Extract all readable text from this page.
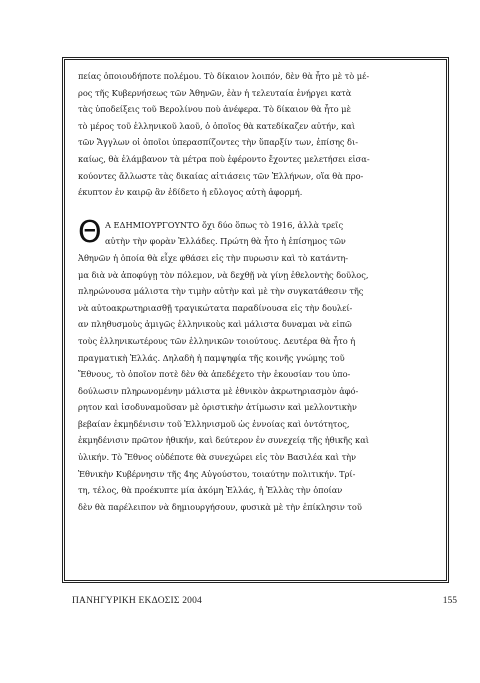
πείας ὁποιουδήποτε πολέμου. Τὸ δίκαιον λοιπόν, δὲν θὰ ἦτο μὲ τὸ μέ-
ρος τῆς Κυβερνήσεως τῶν Ἀθηνῶν, ἐὰν ἡ τελευταία ἐνήργει κατὰ
τὰς ὑποδείξεις τοῦ Βερολίνου ποὺ ἀνέφερα. Τὸ δίκαιον θὰ ἦτο μὲ
τὸ μέρος τοῦ ἑλληνικοῦ λαοῦ, ὁ ὁποῖος θὰ κατεδίκαζεν αὐτήν, καὶ
τῶν Ἄγγλων οἱ ὁποῖοι ὑπερασπίζοντες τὴν ὕπαρξίν των, ἐπίσης δι-
καίως, θὰ ἐλάμβανον τὰ μέτρα ποὺ ἐφέροντο ἔχοντες μελετήσει εἰσα-
κούοντες ἄλλωστε τὰς δικαίας αἰτιάσεις τῶν Ἑλλήνων, οἵα θὰ προ-
έκυπτον ἐν καιρῷ ἂν ἐδίδετο ἡ εὔλογος αὐτὴ ἀφορμή.
Θ Α ΕΔΗΜΙΟΥΡΓΟΥΝΤΟ ὄχι δύο ὅπως τὸ 1916, ἀλλὰ τρεῖς
αὐτὴν τὴν φορὰν Ἑλλάδες. Πρώτη θὰ ἦτο ἡ ἐπίσημος τῶν
Ἀθηνῶν ἡ ὁποία θὰ εἶχε φθάσει εἰς τὴν πυρωσιν καὶ τὸ κατάντη-
μα διὰ νὰ ἀποφύγῃ τὸν πόλεμον, νὰ δεχθῇ νὰ γίνῃ ἐθελοντὴς δοῦλος,
πληρώνουσα μάλιστα τὴν τιμὴν αὐτὴν καὶ μὲ τὴν συγκατάθεσιν τῆς
νὰ αὐτοακρωτηριασθῇ τραγικώτατα παραδίνουσα εἰς τὴν δουλεί-
αν πληθυσμοὺς ἀμιγῶς ἑλληνικοὺς καὶ μάλιστα δυναμαι νὰ εἰπῶ
τοὺς ἑλληνικωτέρους τῶν ἑλληνικῶν τοιούτους. Δευτέρα θὰ ἦτο ἡ
πραγματικὴ Ἑλλάς. Δηλαδὴ ἡ παμψηφία τῆς κοινῆς γνώμης τοῦ
Ἔθνους, τὸ ὁποῖον ποτὲ δὲν θὰ ἀπεδέχετο τὴν ἑκουσίαν του ὑπο-
δούλωσιν πληρωνομένην μάλιστα μὲ ἐθνικὸν ἀκρωτηριασμὸν ἀφό-
ρητον καὶ ἰσοδυναμοῦσαν μὲ ὁριστικὴν ἀτίμωσιν καὶ μελλοντικὴν
βεβαίαν ἐκμηδένισιν τοῦ Ἑλληνισμοῦ ὡς ἐννοίας καὶ ὀντότητος,
ἐκμηδένισιν πρῶτον ἠθικήν, καὶ δεύτερον ἐν συνεχείᾳ τῆς ἠθικῆς καὶ
ὑλικήν. Τὸ Ἔθνος οὐδέποτε θὰ συνεχώρει εἰς τὸν Βασιλέα καὶ τὴν
Ἐθνικὴν Κυβέρνησιν τῆς 4ης Αὐγούστου, τοιαύτην πολιτικήν. Τρί-
τη, τέλος, θὰ προέκυπτε μία ἀκόμη Ἑλλάς, ἡ Ἑλλὰς τὴν ὁποίαν
δὲν θὰ παρέλειπον νὰ δημιουργήσουν, φυσικὰ μὲ τὴν ἐπίκλησιν τοῦ
ΠΑΝΗΓΥΡΙΚΗ ΕΚΔΟΣΙΣ 2004	155
